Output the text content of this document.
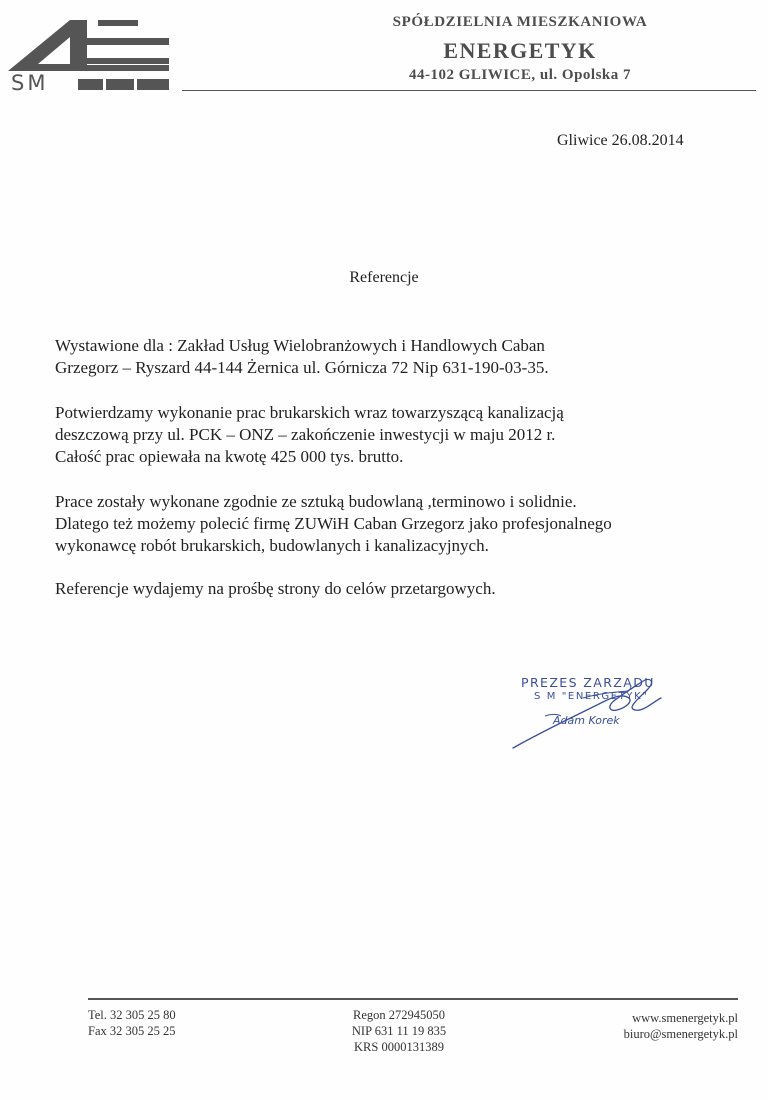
SM
SPÓŁDZIELNIA MIESZKANIOWA
ENERGETYK
44-102 GLIWICE, ul. Opolska 7
Gliwice 26.08.2014
Referencje
Wystawione dla : Zakład Usług Wielobranżowych i Handlowych Caban
Grzegorz – Ryszard 44-144 Żernica ul. Górnicza 72 Nip 631-190-03-35.
Potwierdzamy wykonanie prac brukarskich wraz towarzyszącą kanalizacją
deszczową przy ul. PCK – ONZ – zakończenie inwestycji w maju 2012 r.
Całość prac opiewała na kwotę 425 000 tys. brutto.
Prace zostały wykonane zgodnie ze sztuką budowlaną ,terminowo i solidnie.
Dlatego też możemy polecić firmę ZUWiH Caban Grzegorz jako profesjonalnego
wykonawcę robót brukarskich, budowlanych i kanalizacyjnych.
Referencje wydajemy na prośbę strony do celów przetargowych.
PREZES ZARZĄDU
S M "ENERGETYK"
Adam Korek
Tel. 32 305 25 80
Fax 32 305 25 25
Regon 272945050
NIP 631 11 19 835
KRS 0000131389
www.smenergetyk.pl
biuro@smenergetyk.pl
